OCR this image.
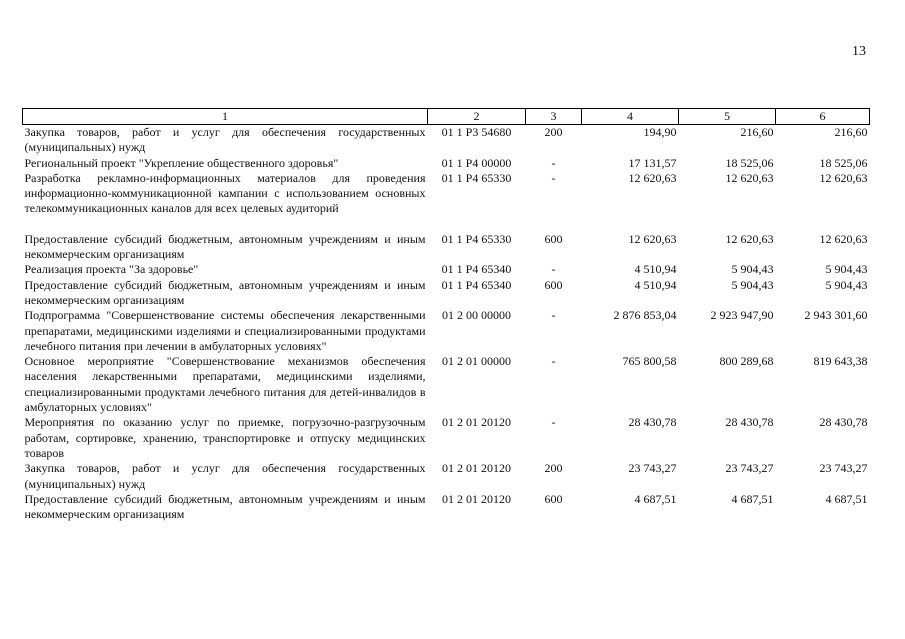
13
1	2	3	4	5	6
Закупка товаров, работ и услуг для обеспечения государственных (муниципальных) нужд	01 1 P3 54680	200	194,90	216,60	216,60
Региональный проект "Укрепление общественного здоровья"	01 1 P4 00000	-	17 131,57	18 525,06	18 525,06
Разработка рекламно-информационных материалов для проведения информационно-коммуникационной кампании с использованием основных телекоммуникационных каналов для всех целевых аудиторий	01 1 P4 65330	-	12 620,63	12 620,63	12 620,63

Предоставление субсидий бюджетным, автономным учреждениям и иным некоммерческим организациям	01 1 P4 65330	600	12 620,63	12 620,63	12 620,63
Реализация проекта "За здоровье"	01 1 P4 65340	-	4 510,94	5 904,43	5 904,43
Предоставление субсидий бюджетным, автономным учреждениям и иным некоммерческим организациям	01 1 P4 65340	600	4 510,94	5 904,43	5 904,43
Подпрограмма "Совершенствование системы обеспечения лекарственными препаратами, медицинскими изделиями и специализированными продуктами лечебного питания при лечении в амбулаторных условиях"	01 2 00 00000	-	2 876 853,04	2 923 947,90	2 943 301,60
Основное мероприятие "Совершенствование механизмов обеспечения населения лекарственными препаратами, медицинскими изделиями, специализированными продуктами лечебного питания для детей-инвалидов в амбулаторных условиях"	01 2 01 00000	-	765 800,58	800 289,68	819 643,38
Мероприятия по оказанию услуг по приемке, погрузочно-разгрузочным работам, сортировке, хранению, транспортировке и отпуску медицинских товаров	01 2 01 20120	-	28 430,78	28 430,78	28 430,78
Закупка товаров, работ и услуг для обеспечения государственных (муниципальных) нужд	01 2 01 20120	200	23 743,27	23 743,27	23 743,27
Предоставление субсидий бюджетным, автономным учреждениям и иным некоммерческим организациям	01 2 01 20120	600	4 687,51	4 687,51	4 687,51
